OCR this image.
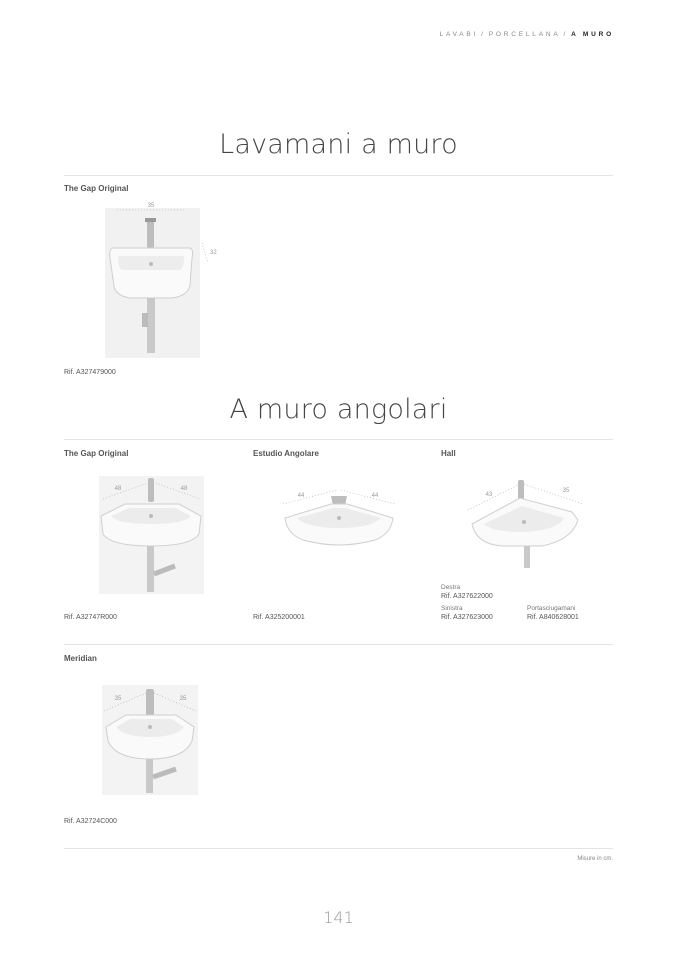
LAVABI / PORCELLANA / A MURO
Lavamani a muro
The Gap Original
35
32
Rif. A327479000
A muro angolari
The Gap Original
48	48
Rif. A32747R000
Estudio Angolare
44	44
Rif. A325200001
Hall
43
35
Destra
Rif. A327622000
Sinistra
Rif. A327623000
Portasciugamani
Rif. A840628001
Meridian
35	35
Rif. A32724C000
Misure in cm.
141
